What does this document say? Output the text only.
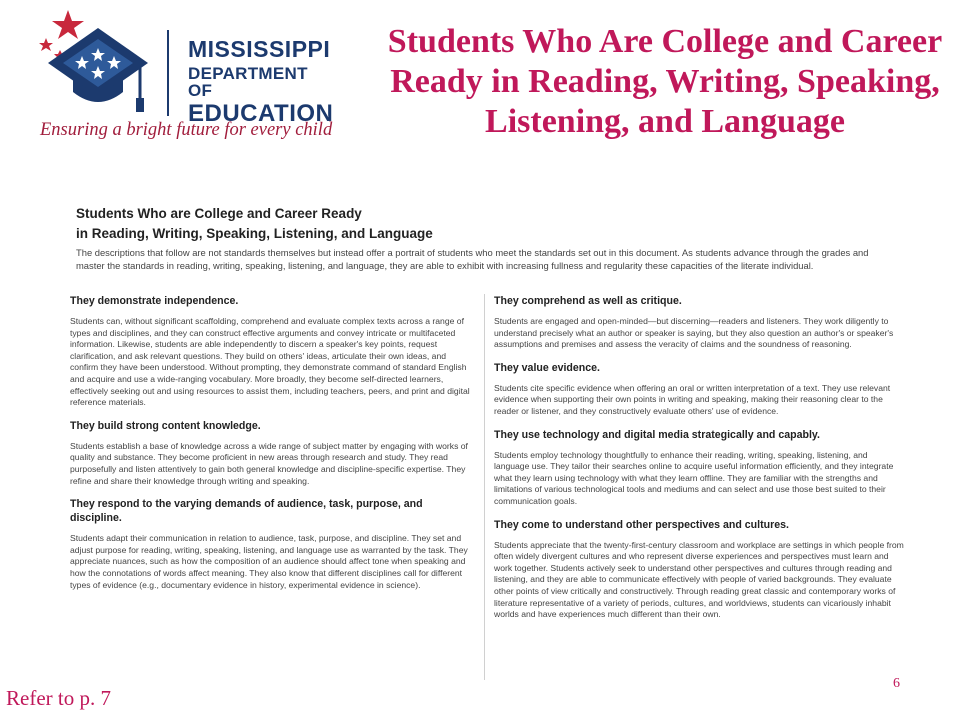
MISSISSIPPI
DEPARTMENT OF
EDUCATION
Ensuring a bright future for every child
Students Who Are College and Career Ready in Reading, Writing, Speaking, Listening, and Language
Students Who are College and Career Ready
in Reading, Writing, Speaking, Listening, and Language

The descriptions that follow are not standards themselves but instead offer a portrait of students who meet the standards set out in this document. As students advance through the grades and master the standards in reading, writing, speaking, listening, and language, they are able to exhibit with increasing fullness and regularity these capacities of the literate individual.

They demonstrate independence.

Students can, without significant scaffolding, comprehend and evaluate complex texts across a range of types and disciplines, and they can construct effective arguments and convey intricate or multifaceted information. Likewise, students are able independently to discern a speaker's key points, request clarification, and ask relevant questions. They build on others' ideas, articulate their own ideas, and confirm they have been understood. Without prompting, they demonstrate command of standard English and acquire and use a wide-ranging vocabulary. More broadly, they become self-directed learners, effectively seeking out and using resources to assist them, including teachers, peers, and print and digital reference materials.

They build strong content knowledge.

Students establish a base of knowledge across a wide range of subject matter by engaging with works of quality and substance. They become proficient in new areas through research and study. They read purposefully and listen attentively to gain both general knowledge and discipline-specific expertise. They refine and share their knowledge through writing and speaking.

They respond to the varying demands of audience, task, purpose, and discipline.

Students adapt their communication in relation to audience, task, purpose, and discipline. They set and adjust purpose for reading, writing, speaking, listening, and language use as warranted by the task. They appreciate nuances, such as how the composition of an audience should affect tone when speaking and how the connotations of words affect meaning. They also know that different disciplines call for different types of evidence (e.g., documentary evidence in history, experimental evidence in science).

They comprehend as well as critique.

Students are engaged and open-minded—but discerning—readers and listeners. They work diligently to understand precisely what an author or speaker is saying, but they also question an author's or speaker's assumptions and premises and assess the veracity of claims and the soundness of reasoning.

They value evidence.

Students cite specific evidence when offering an oral or written interpretation of a text. They use relevant evidence when supporting their own points in writing and speaking, making their reasoning clear to the reader or listener, and they constructively evaluate others' use of evidence.

They use technology and digital media strategically and capably.

Students employ technology thoughtfully to enhance their reading, writing, speaking, listening, and language use. They tailor their searches online to acquire useful information efficiently, and they integrate what they learn using technology with what they learn offline. They are familiar with the strengths and limitations of various technological tools and mediums and can select and use those best suited to their communication goals.

They come to understand other perspectives and cultures.

Students appreciate that the twenty-first-century classroom and workplace are settings in which people from often widely divergent cultures and who represent diverse experiences and perspectives must learn and work together. Students actively seek to understand other perspectives and cultures through reading and listening, and they are able to communicate effectively with people of varied backgrounds. They evaluate other points of view critically and constructively. Through reading great classic and contemporary works of literature representative of a variety of periods, cultures, and worldviews, students can vicariously inhabit worlds and have experiences much different than their own.

Refer to p. 7
6
